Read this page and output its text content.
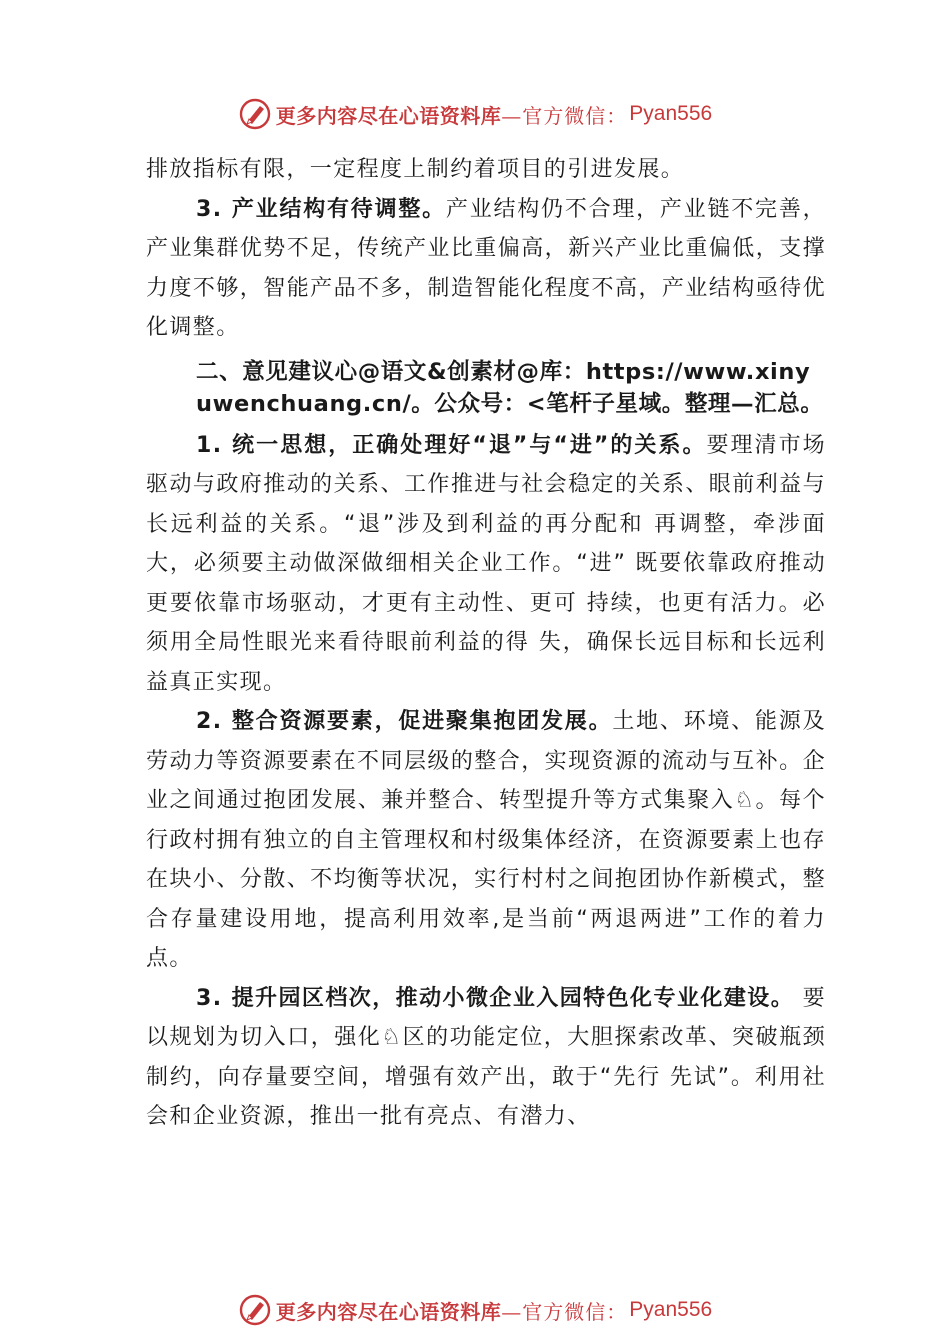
更多内容尽在心语资料库 —官方微信： Pyan556

排放指标有限，一定程度上制约着项目的引进发展。

3. 产业结构有待调整。产业结构仍不合理，产业链不完善，产业集群优势不足，传统产业比重偏高，新兴产业比重偏低，支撑力度不够，智能产品不多，制造智能化程度不高，产业结构亟待优化调整。

二、意见建议心@语文&创素材@库：https://www.xinyuwenchuang.cn/。公众号：<笔杆子星域。整理—汇总。

1. 统一思想，正确处理好“退”与“进”的关系。要理清市场驱动与政府推动的关系、工作推进与社会稳定的关系、眼前利益与长远利益的关系。“退”涉及到利益的再分配和 再调整，牵涉面大，必须要主动做深做细相关企业工作。“进” 既要依靠政府推动更要依靠市场驱动，才更有主动性、更可 持续，也更有活力。必须用全局性眼光来看待眼前利益的得 失，确保长远目标和长远利益真正实现。

2. 整合资源要素，促进聚集抱团发展。土地、环境、能源及劳动力等资源要素在不同层级的整合，实现资源的流动与互补。企业之间通过抱团发展、兼并整合、转型提升等方式集聚入♘。每个行政村拥有独立的自主管理权和村级集体经济，在资源要素上也存在块小、分散、不均衡等状况，实行村村之间抱团协作新模式，整合存量建设用地，提高利用效率,是当前“两退两进”工作的着力点。

3. 提升园区档次，推动小微企业入园特色化专业化建设。 要以规划为切入口，强化♘区的功能定位，大胆探索改革、突破瓶颈制约，向存量要空间，增强有效产出，敢于“先行 先试”。利用社会和企业资源，推出一批有亮点、有潜力、

更多内容尽在心语资料库 —官方微信： Pyan556
